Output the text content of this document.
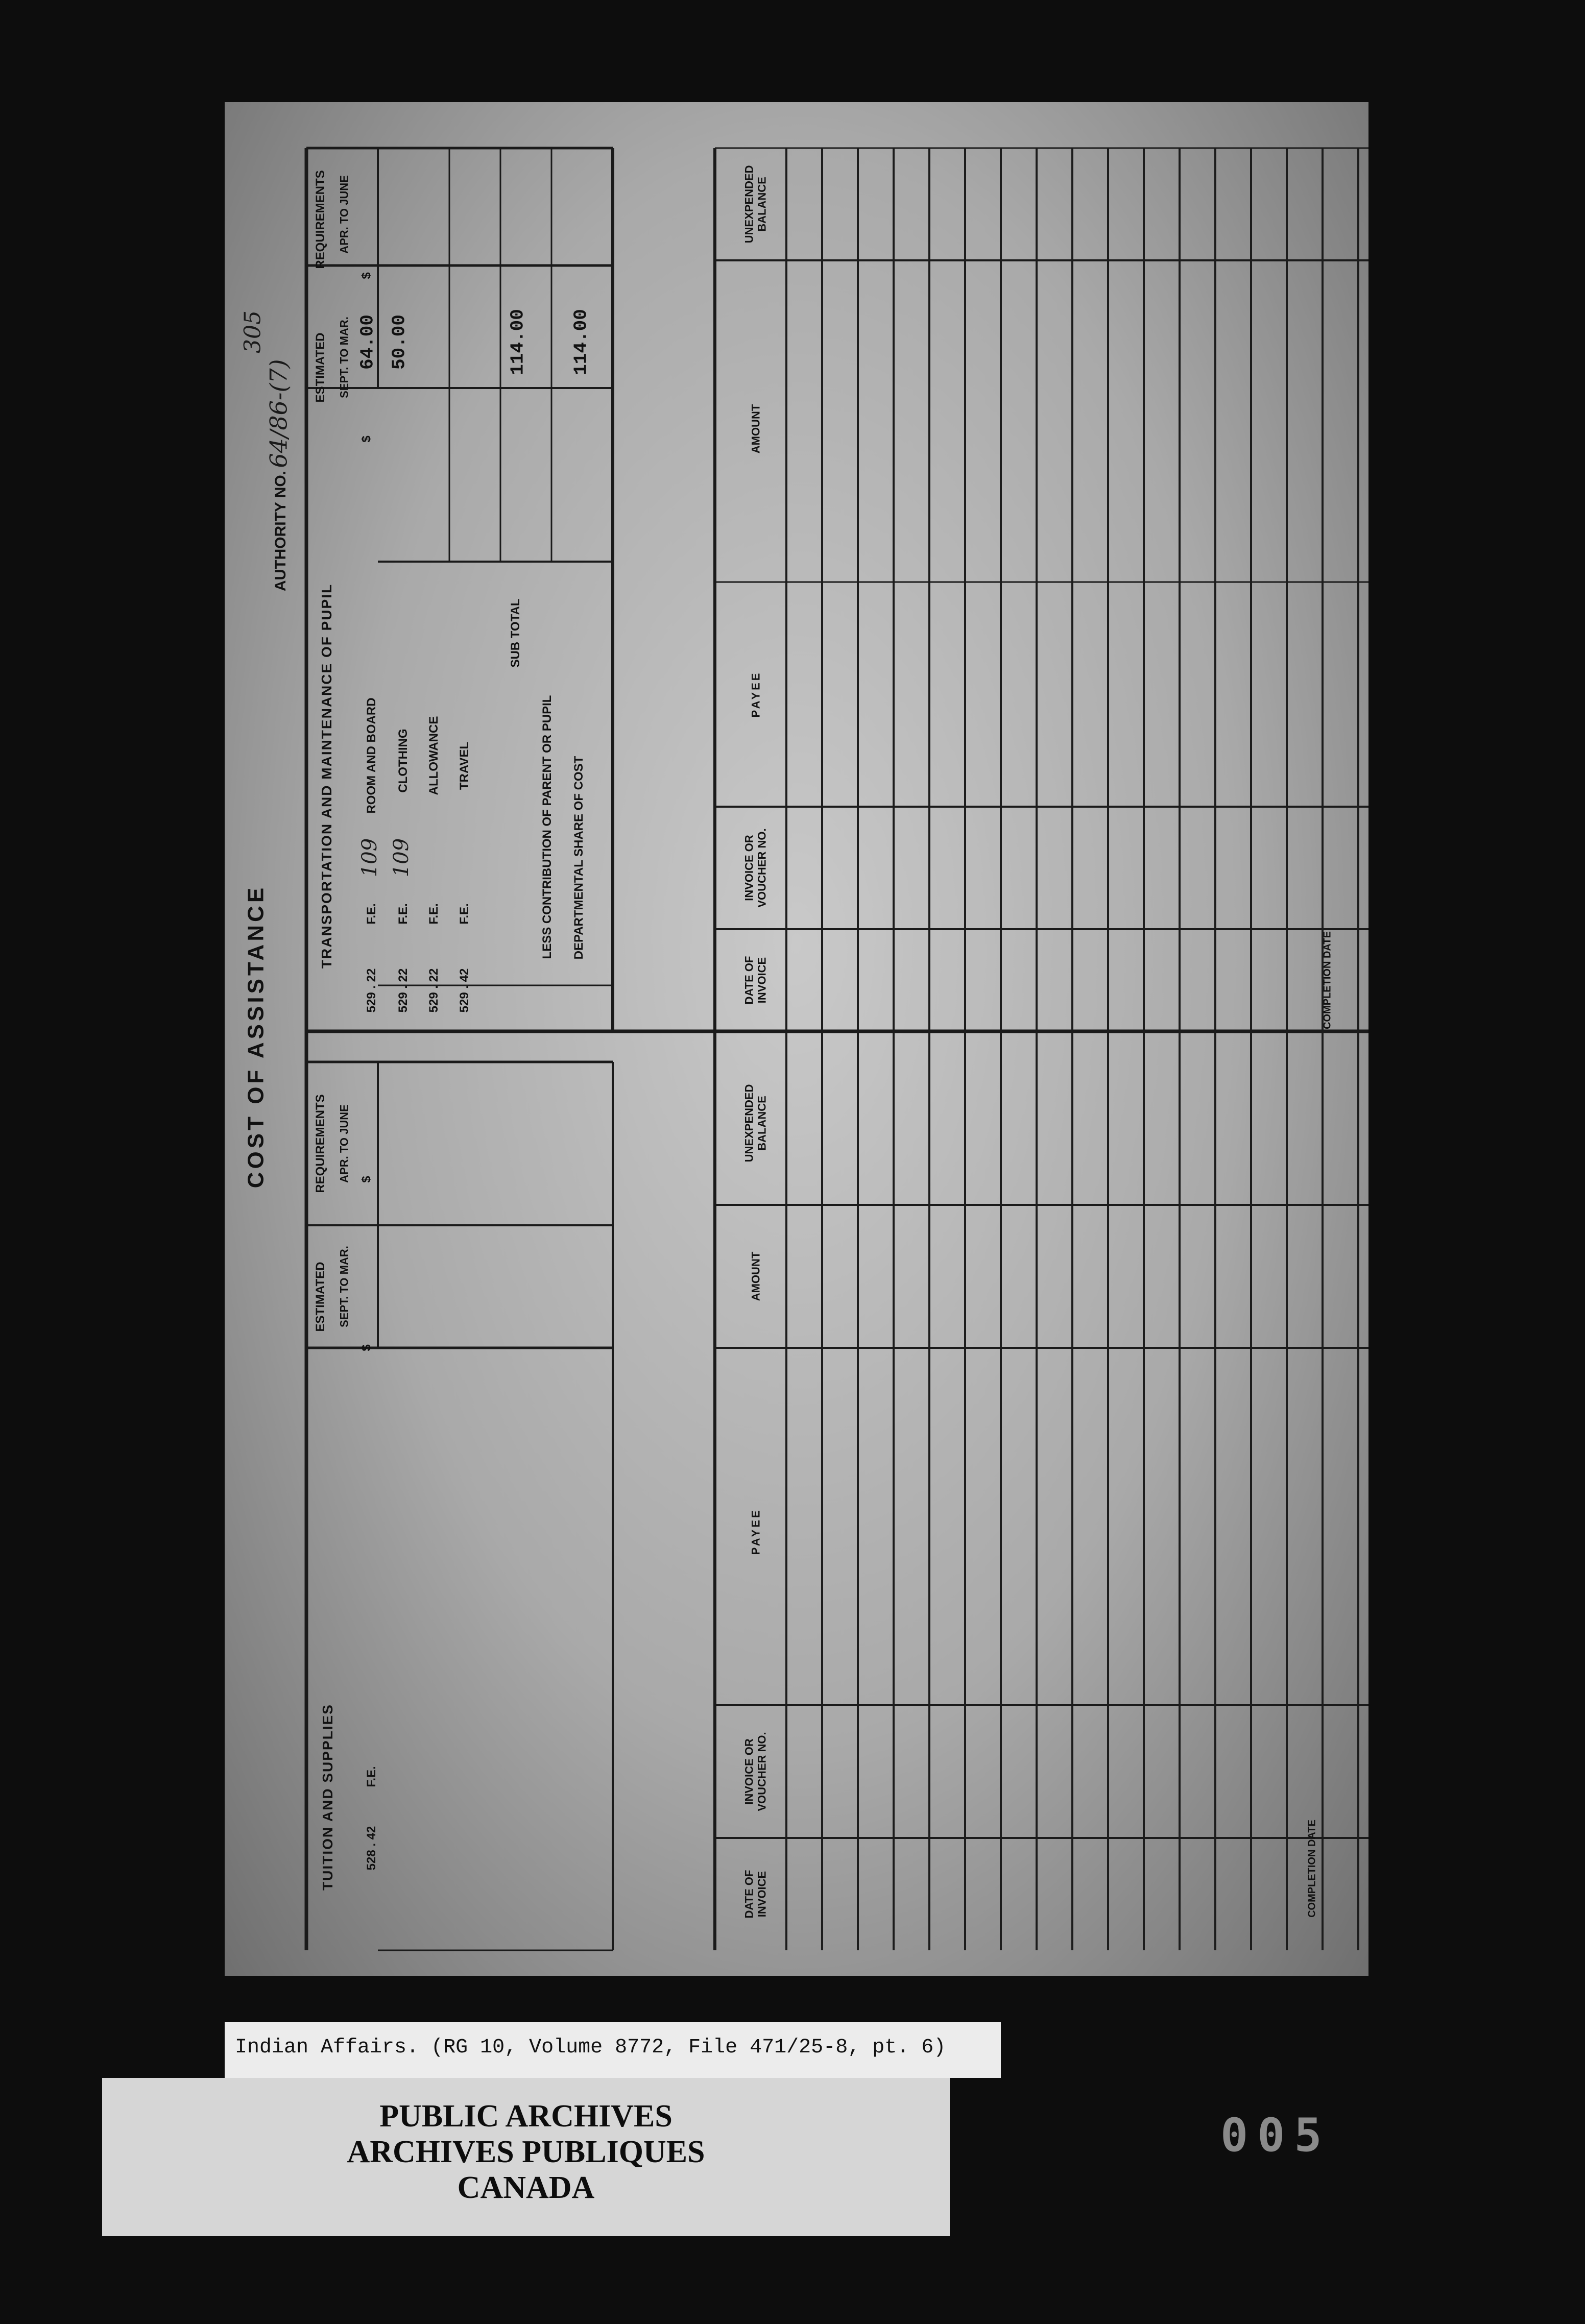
COST OF ASSISTANCE
AUTHORITY NO.
64/86-(7)
305
TRANSPORTATION AND MAINTENANCE OF PUPIL
ESTIMATED
REQUIREMENTS
SEPT. TO MAR.
APR. TO JUNE
$
$
529 . 22
F.E.
109
ROOM AND BOARD
64.00
529 . 22
F.E.
109
CLOTHING
50.00
529 . 22
F.E.
ALLOWANCE
529 . 42
F.E.
TRAVEL
SUB TOTAL
114.00
LESS CONTRIBUTION OF PARENT OR PUPIL DEPARTMENTAL SHARE OF COST
114.00
TUITION AND SUPPLIES 528 . 42
F.E.
ESTIMATED
REQUIREMENTS
SEPT. TO MAR.
APR. TO JUNE
$
$
UNEXPENDED BALANCE
AMOUNT
PAYEE
INVOICE OR VOUCHER NO.
DATE OF INVOICE	COMPLETION DATE
UNEXPENDED BALANCE
AMOUNT
PAYEE
INVOICE OR VOUCHER NO.
DATE OF INVOICE	COMPLETION DATE
Indian Affairs. (RG 10, Volume 8772, File 471/25-8, pt. 6)
PUBLIC ARCHIVES
ARCHIVES PUBLIQUES
CANADA
005
